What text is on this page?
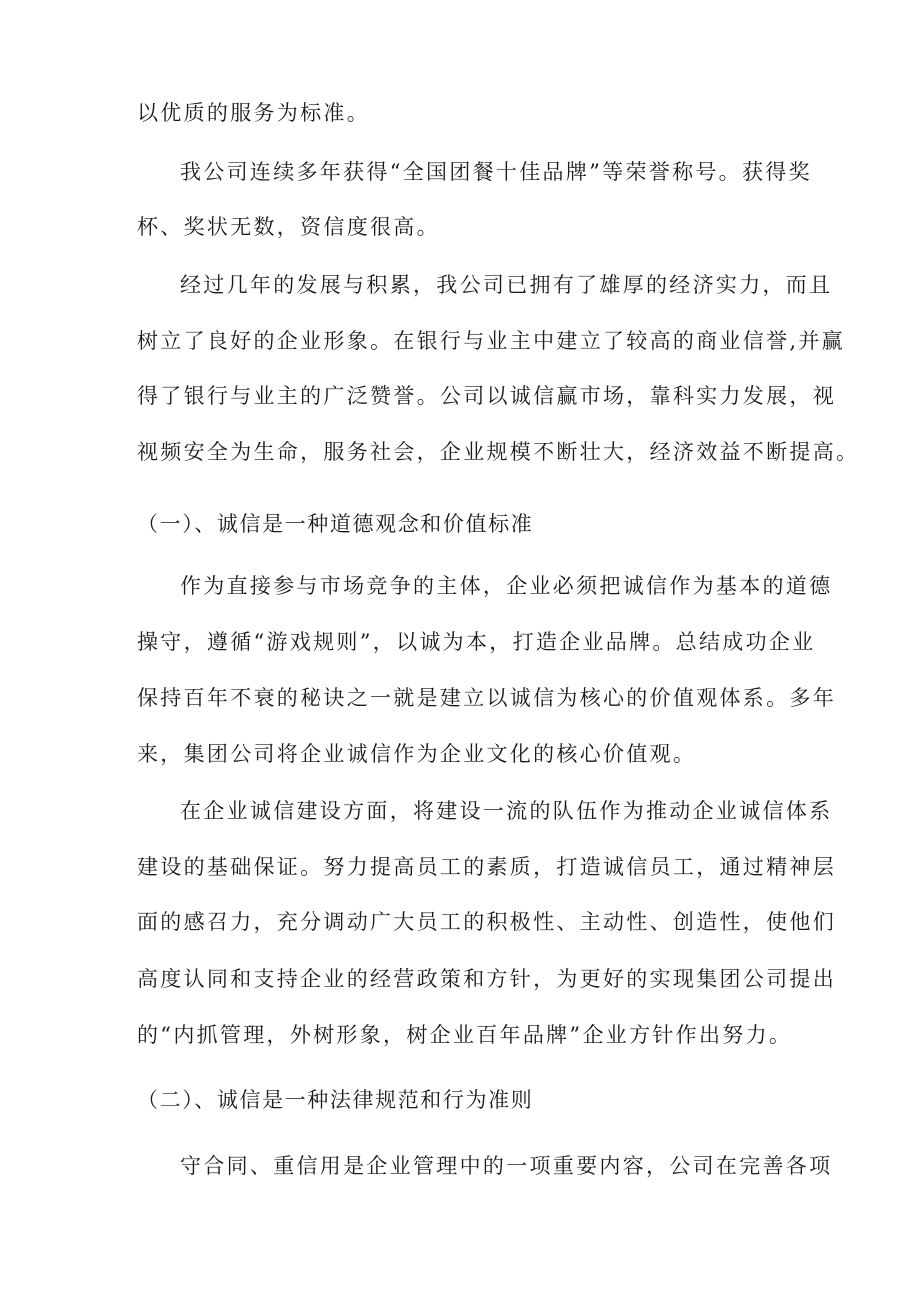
以优质的服务为标准。
我公司连续多年获得“全国团餐十佳品牌”等荣誉称号。获得奖
杯、奖状无数，资信度很高。
经过几年的发展与积累，我公司已拥有了雄厚的经济实力，而且
树立了良好的企业形象。在银行与业主中建立了较高的商业信誉,并赢
得了银行与业主的广泛赞誉。公司以诚信赢市场，靠科实力发展，视
视频安全为生命，服务社会，企业规模不断壮大，经济效益不断提高。
（一）、诚信是一种道德观念和价值标准
作为直接参与市场竞争的主体，企业必须把诚信作为基本的道德
操守，遵循“游戏规则”，以诚为本，打造企业品牌。总结成功企业
保持百年不衰的秘诀之一就是建立以诚信为核心的价值观体系。多年
来，集团公司将企业诚信作为企业文化的核心价值观。
在企业诚信建设方面，将建设一流的队伍作为推动企业诚信体系
建设的基础保证。努力提高员工的素质，打造诚信员工，通过精神层
面的感召力，充分调动广大员工的积极性、主动性、创造性，使他们
高度认同和支持企业的经营政策和方针，为更好的实现集团公司提出
的“内抓管理，外树形象，树企业百年品牌”企业方针作出努力。
（二）、诚信是一种法律规范和行为准则
守合同、重信用是企业管理中的一项重要内容，公司在完善各项
